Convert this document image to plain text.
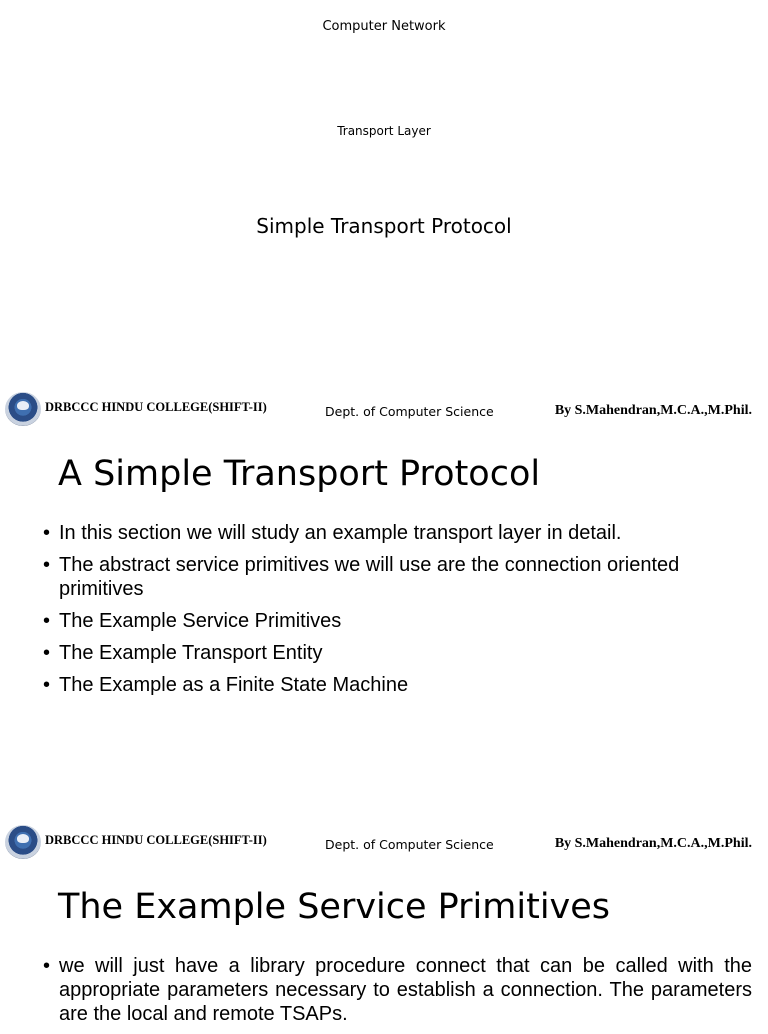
Computer Network
Transport Layer
Simple Transport Protocol
DRBCCC HINDU COLLEGE(SHIFT-II)	Dept. of Computer Science	By S.Mahendran,M.C.A.,M.Phil.
A Simple Transport Protocol
• In this section we will study an example transport layer in detail.
• The abstract service primitives we will use are the connection oriented primitives
• The Example Service Primitives
• The Example Transport Entity
• The Example as a Finite State Machine
DRBCCC HINDU COLLEGE(SHIFT-II)	Dept. of Computer Science	By S.Mahendran,M.C.A.,M.Phil.
The Example Service Primitives
• we will just have a library procedure connect that can be called with the appropriate parameters necessary to establish a connection. The parameters are the local and remote TSAPs.
